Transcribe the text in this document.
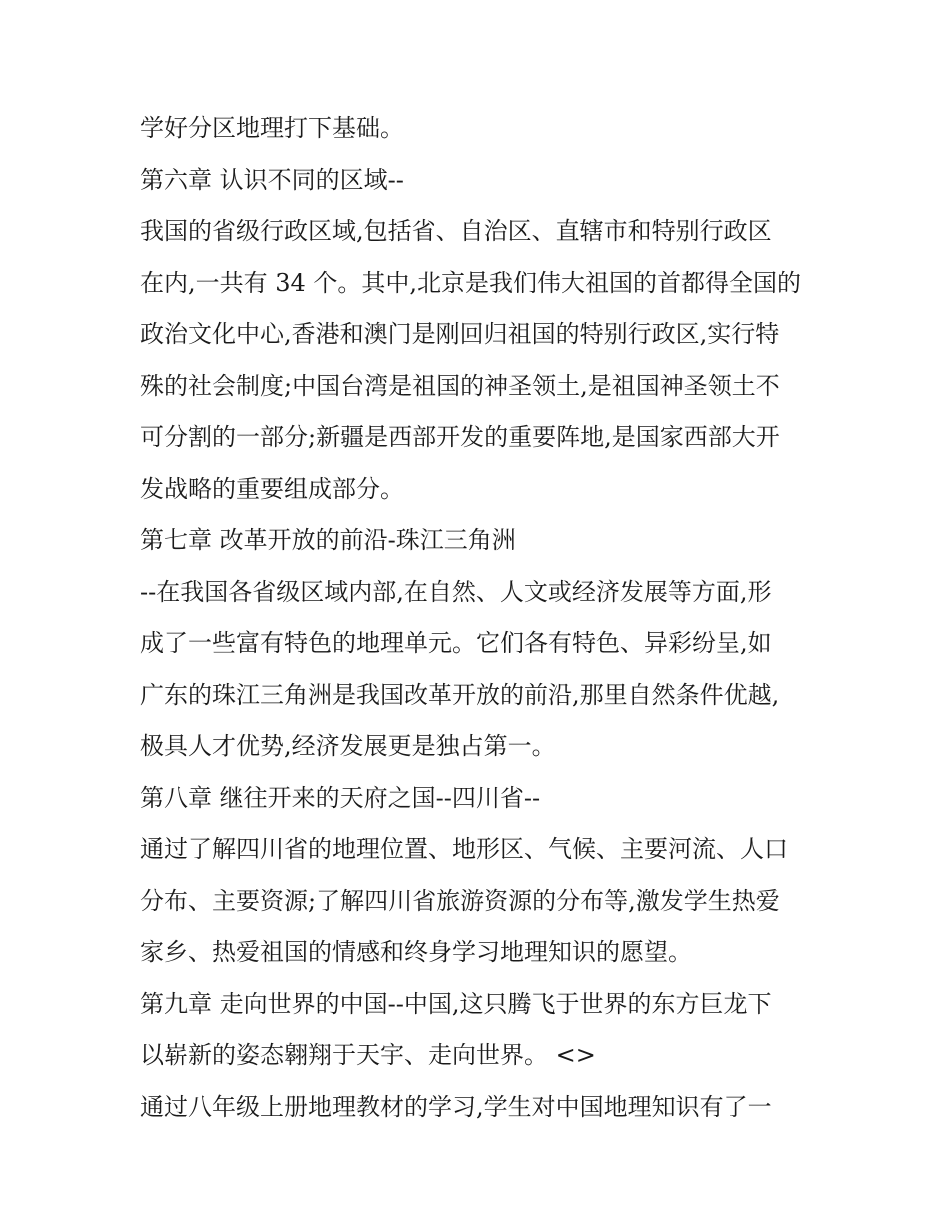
学好分区地理打下基础。
第六章 认识不同的区域--
我国的省级行政区域,包括省、自治区、直辖市和特别行政区
在内,一共有 34 个。其中,北京是我们伟大祖国的首都得全国的
政治文化中心,香港和澳门是刚回归祖国的特别行政区,实行特
殊的社会制度;中国台湾是祖国的神圣领土,是祖国神圣领土不
可分割的一部分;新疆是西部开发的重要阵地,是国家西部大开
发战略的重要组成部分。
第七章 改革开放的前沿-珠江三角洲
--在我国各省级区域内部,在自然、人文或经济发展等方面,形
成了一些富有特色的地理单元。它们各有特色、异彩纷呈,如
广东的珠江三角洲是我国改革开放的前沿,那里自然条件优越,
极具人才优势,经济发展更是独占第一。
第八章 继往开来的天府之国--四川省--
通过了解四川省的地理位置、地形区、气候、主要河流、人口
分布、主要资源;了解四川省旅游资源的分布等,激发学生热爱
家乡、热爱祖国的情感和终身学习地理知识的愿望。
第九章 走向世界的中国--中国,这只腾飞于世界的东方巨龙下
以崭新的姿态翱翔于天宇、走向世界。 <>
通过八年级上册地理教材的学习,学生对中国地理知识有了一
